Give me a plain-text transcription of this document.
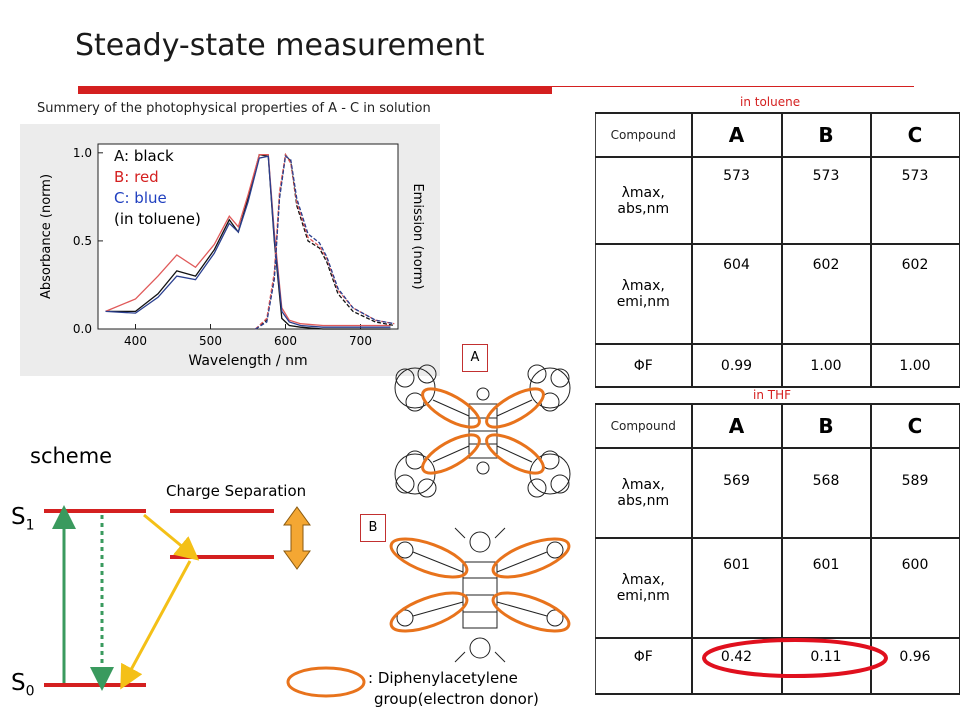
Steady-state measurement
Summery of the photophysical properties of A - C in solution
400	500	600	700
0.0
0.5
1.0
Wavelength / nm
Absorbance (norm)	Emission (norm)
A: black
B: red
C: blue
(in toluene)
in toluene
Compound	A	B	C
λmax,
abs,nm	573	573	573
λmax,
emi,nm	604	602	602
ΦF	0.99	1.00	1.00
in THF
Compound	A	B	C
λmax,
abs,nm	569	568	589
λmax,
emi,nm	601	601	600
ΦF	0.42	0.11	0.96
scheme
Charge Separation
$S_1$
$S_0$
A
B
: Diphenylacetylene
group(electron donor)
